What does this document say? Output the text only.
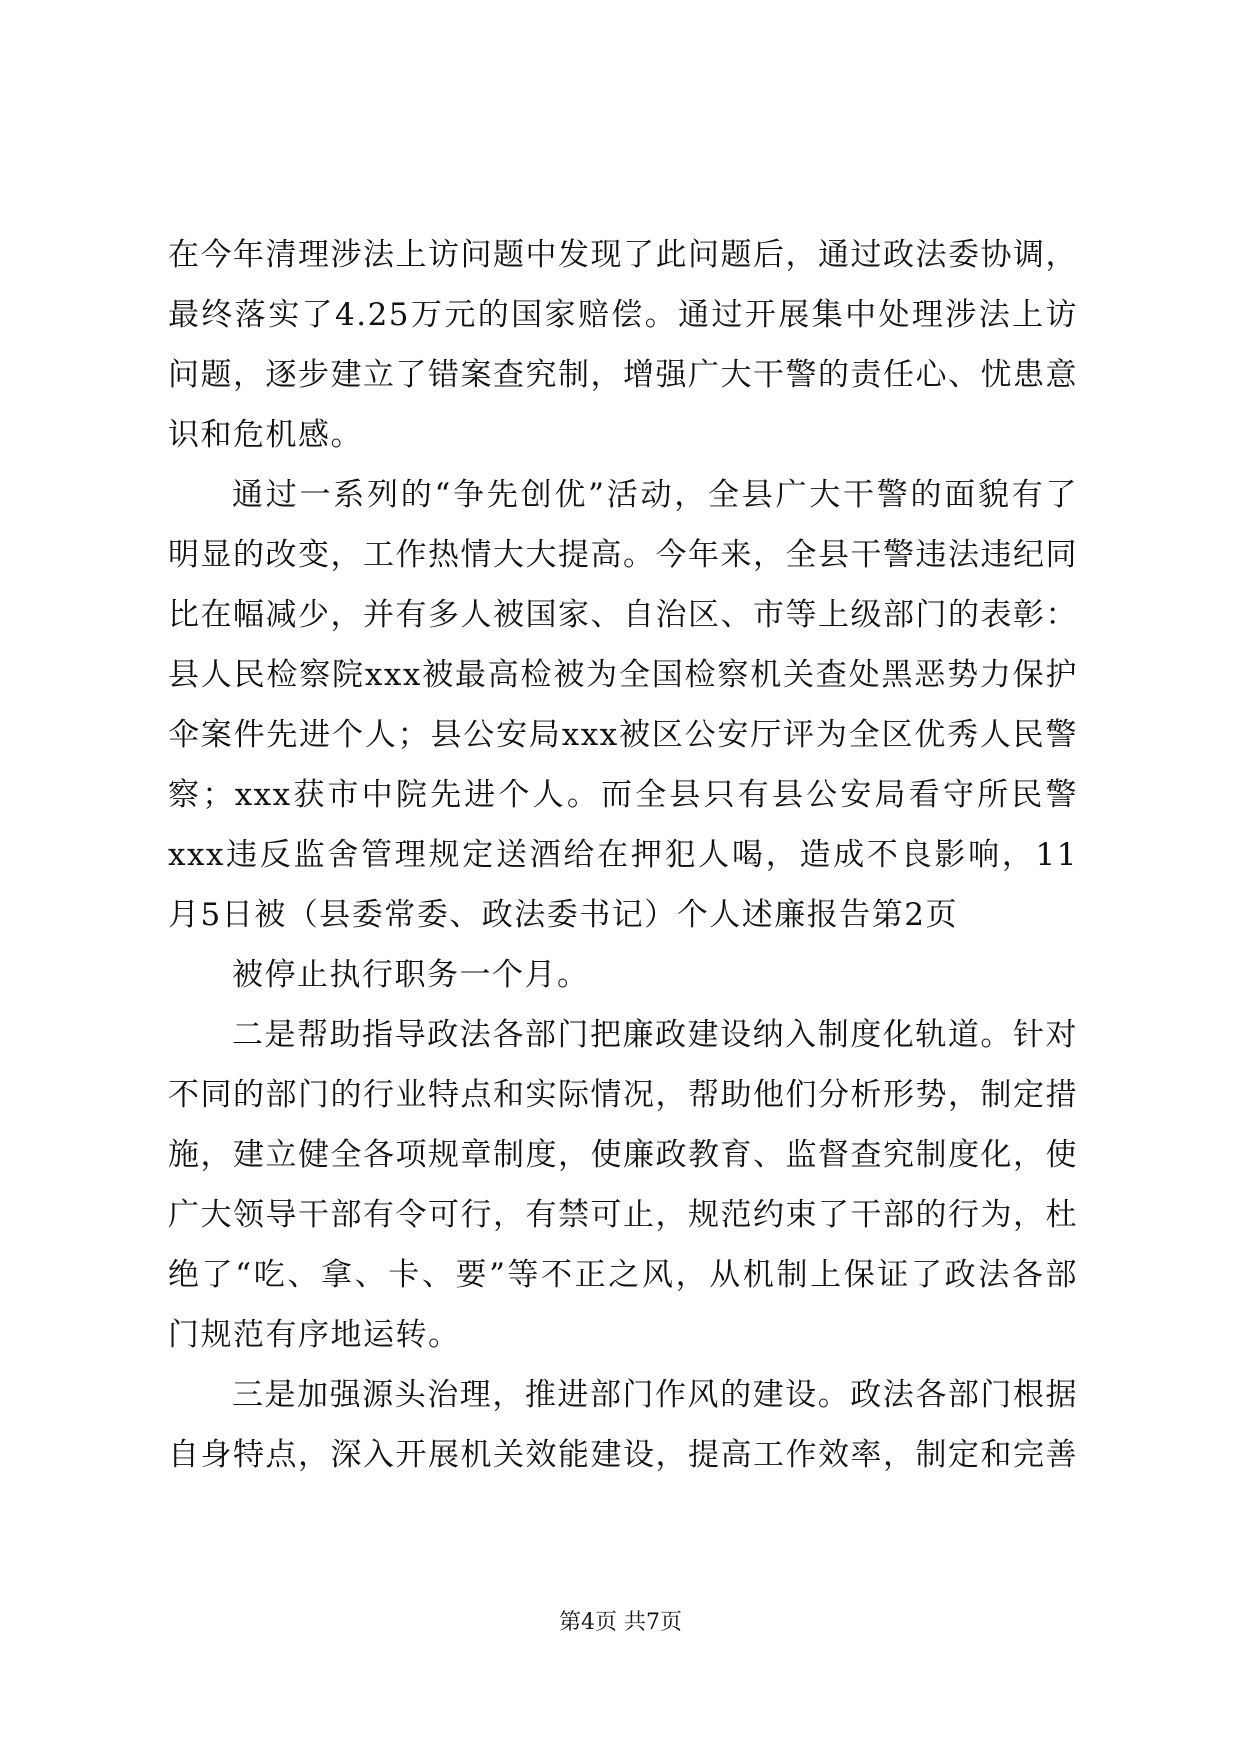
在今年清理涉法上访问题中发现了此问题后，通过政法委协调，最终落实了4.25万元的国家赔偿。通过开展集中处理涉法上访问题，逐步建立了错案查究制，增强广大干警的责任心、忧患意识和危机感。

通过一系列的“争先创优”活动，全县广大干警的面貌有了明显的改变，工作热情大大提高。今年来，全县干警违法违纪同比在幅减少，并有多人被国家、自治区、市等上级部门的表彰：县人民检察院xxx被最高检被为全国检察机关查处黑恶势力保护伞案件先进个人；县公安局xxx被区公安厅评为全区优秀人民警察；xxx获市中院先进个人。而全县只有县公安局看守所民警xxx违反监舍管理规定送酒给在押犯人喝，造成不良影响，11月5日被（县委常委、政法委书记）个人述廉报告第2页

被停止执行职务一个月。

二是帮助指导政法各部门把廉政建设纳入制度化轨道。针对不同的部门的行业特点和实际情况，帮助他们分析形势，制定措施，建立健全各项规章制度，使廉政教育、监督查究制度化，使广大领导干部有令可行，有禁可止，规范约束了干部的行为，杜绝了“吃、拿、卡、要”等不正之风，从机制上保证了政法各部门规范有序地运转。

三是加强源头治理，推进部门作风的建设。政法各部门根据自身特点，深入开展机关效能建设，提高工作效率，制定和完善

第4页 共7页
